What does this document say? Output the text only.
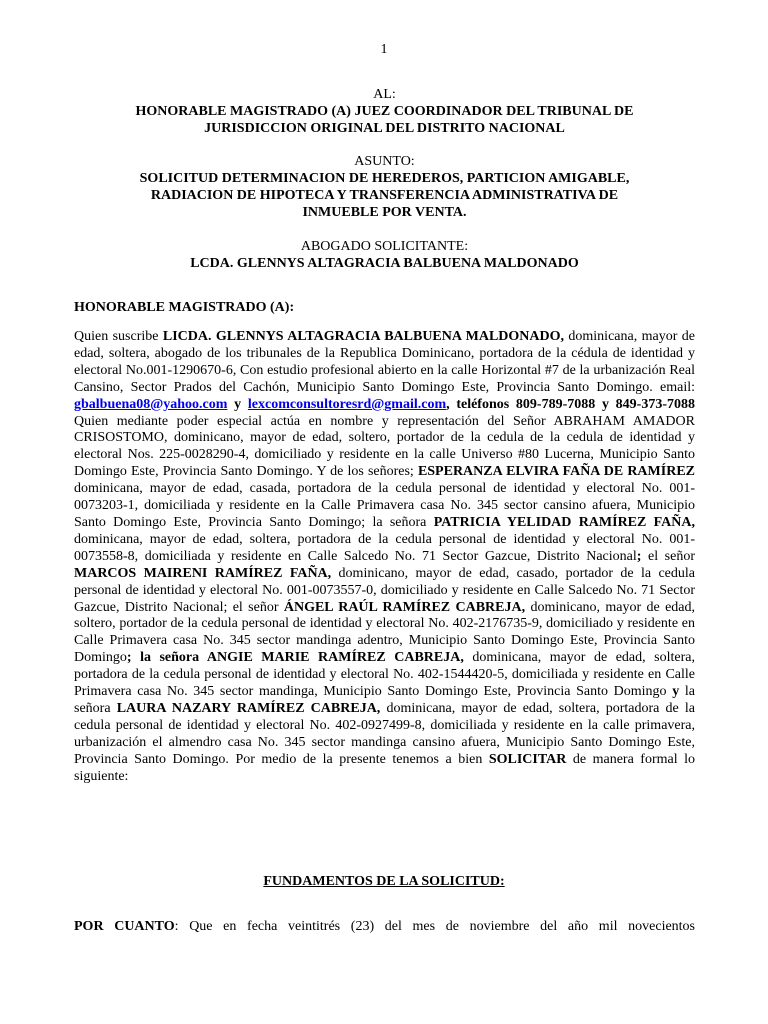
1
AL:
HONORABLE MAGISTRADO (A) JUEZ COORDINADOR DEL TRIBUNAL DE
JURISDICCION ORIGINAL DEL DISTRITO NACIONAL
ASUNTO:
SOLICITUD DETERMINACION DE HEREDEROS, PARTICION AMIGABLE,
RADIACION DE HIPOTECA Y TRANSFERENCIA ADMINISTRATIVA DE
INMUEBLE POR VENTA.
ABOGADO SOLICITANTE:
LCDA. GLENNYS ALTAGRACIA BALBUENA MALDONADO
HONORABLE MAGISTRADO (A):

Quien suscribe LICDA. GLENNYS ALTAGRACIA BALBUENA MALDONADO, dominicana, mayor de edad, soltera, abogado de los tribunales de la Republica Dominicano, portadora de la cédula de identidad y electoral No.001-1290670-6, Con estudio profesional abierto en la calle Horizontal #7 de la urbanización Real Cansino, Sector Prados del Cachón, Municipio Santo Domingo Este, Provincia Santo Domingo. email: gbalbuena08@yahoo.com y lexcomconsultoresrd@gmail.com, teléfonos 809-789-7088 y 849-373-7088 Quien mediante poder especial actúa en nombre y representación del Señor ABRAHAM AMADOR CRISOSTOMO, dominicano, mayor de edad, soltero, portador de la cedula de la cedula de identidad y electoral Nos. 225-0028290-4, domiciliado y residente en la calle Universo #80 Lucerna, Municipio Santo Domingo Este, Provincia Santo Domingo. Y de los señores; ESPERANZA ELVIRA FAÑA DE RAMÍREZ dominicana, mayor de edad, casada, portadora de la cedula personal de identidad y electoral No. 001-0073203-1, domiciliada y residente en la Calle Primavera casa No. 345 sector cansino afuera, Municipio Santo Domingo Este, Provincia Santo Domingo; la señora PATRICIA YELIDAD RAMÍREZ FAÑA, dominicana, mayor de edad, soltera, portadora de la cedula personal de identidad y electoral No. 001-0073558-8, domiciliada y residente en Calle Salcedo No. 71 Sector Gazcue, Distrito Nacional; el señor MARCOS MAIRENI RAMÍREZ FAÑA, dominicano, mayor de edad, casado, portador de la cedula personal de identidad y electoral No. 001-0073557-0, domiciliado y residente en Calle Salcedo No. 71 Sector Gazcue, Distrito Nacional; el señor ÁNGEL RAÚL RAMÍREZ CABREJA, dominicano, mayor de edad, soltero, portador de la cedula personal de identidad y electoral No. 402-2176735-9, domiciliado y residente en Calle Primavera casa No. 345 sector mandinga adentro, Municipio Santo Domingo Este, Provincia Santo Domingo; la señora ANGIE MARIE RAMÍREZ CABREJA, dominicana, mayor de edad, soltera, portadora de la cedula personal de identidad y electoral No. 402-1544420-5, domiciliada y residente en Calle Primavera casa No. 345 sector mandinga, Municipio Santo Domingo Este, Provincia Santo Domingo y la señora LAURA NAZARY RAMÍREZ CABREJA, dominicana, mayor de edad, soltera, portadora de la cedula personal de identidad y electoral No. 402-0927499-8, domiciliada y residente en la calle primavera, urbanización el almendro casa No. 345 sector mandinga cansino afuera, Municipio Santo Domingo Este, Provincia Santo Domingo. Por medio de la presente tenemos a bien SOLICITAR de manera formal lo siguiente:

FUNDAMENTOS DE LA SOLICITUD:
POR CUANTO: Que en fecha veintitrés (23) del mes de noviembre del año mil novecientos
